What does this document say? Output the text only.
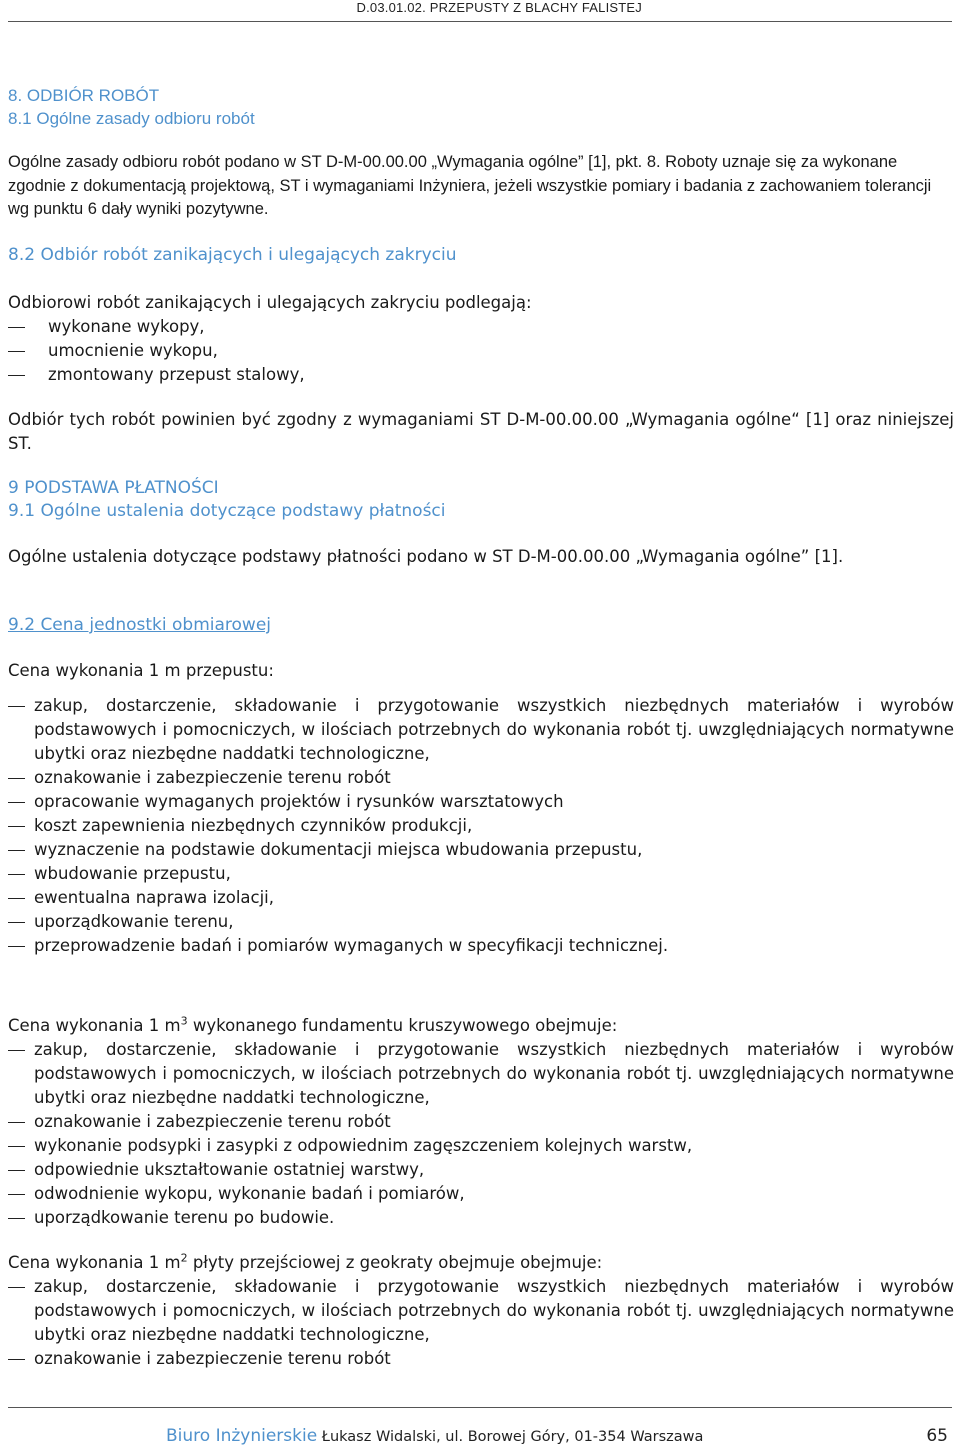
D.03.01.02. PRZEPUSTY Z BLACHY FALISTEJ

8. ODBIÓR ROBÓT

8.1 Ogólne zasady odbioru robót

Ogólne zasady odbioru robót podano w ST D-M-00.00.00 „Wymagania ogólne” [1], pkt. 8. Roboty uznaje się za wykonane zgodnie z dokumentacją projektową, ST i wymaganiami Inżyniera, jeżeli wszystkie pomiary i badania z zachowaniem tolerancji wg punktu 6 dały wyniki pozytywne.

8.2 Odbiór robót zanikających i ulegających zakryciu

Odbiorowi robót zanikających i ulegających zakryciu podlegają:

wykonane wykopy,
umocnienie wykopu,
zmontowany przepust stalowy,

Odbiór tych robót powinien być zgodny z wymaganiami ST D-M-00.00.00 „Wymagania ogólne“ [1] oraz niniejszej ST.

9 PODSTAWA PŁATNOŚCI

9.1 Ogólne ustalenia dotyczące podstawy płatności

Ogólne ustalenia dotyczące podstawy płatności podano w ST D-M-00.00.00 „Wymagania ogólne” [1].

9.2 Cena jednostki obmiarowej

Cena wykonania 1 m przepustu:

zakup, dostarczenie, składowanie i przygotowanie wszystkich niezbędnych materiałów i wyrobów podstawowych i pomocniczych, w ilościach potrzebnych do wykonania robót tj. uwzględniających normatywne ubytki oraz niezbędne naddatki technologiczne,
oznakowanie i zabezpieczenie terenu robót
opracowanie wymaganych projektów i rysunków warsztatowych
koszt zapewnienia niezbędnych czynników produkcji,
wyznaczenie na podstawie dokumentacji miejsca wbudowania przepustu,
wbudowanie przepustu,
ewentualna naprawa izolacji,
uporządkowanie terenu,
przeprowadzenie badań i pomiarów wymaganych w specyfikacji technicznej.

Cena wykonania 1 $m^3$ wykonanego fundamentu kruszywowego obejmuje:

zakup, dostarczenie, składowanie i przygotowanie wszystkich niezbędnych materiałów i wyrobów podstawowych i pomocniczych, w ilościach potrzebnych do wykonania robót tj. uwzględniających normatywne ubytki oraz niezbędne naddatki technologiczne,
oznakowanie i zabezpieczenie terenu robót
wykonanie podsypki i zasypki z odpowiednim zagęszczeniem kolejnych warstw,
odpowiednie ukształtowanie ostatniej warstwy,
odwodnienie wykopu, wykonanie badań i pomiarów,
uporządkowanie terenu po budowie.

Cena wykonania 1 $m^2$ płyty przejściowej z geokraty obejmuje obejmuje:

zakup, dostarczenie, składowanie i przygotowanie wszystkich niezbędnych materiałów i wyrobów podstawowych i pomocniczych, w ilościach potrzebnych do wykonania robót tj. uwzględniających normatywne ubytki oraz niezbędne naddatki technologiczne,
oznakowanie i zabezpieczenie terenu robót
Biuro Inżynierskie Łukasz Widalski, ul. Borowej Góry, 01-354 Warszawa	65
